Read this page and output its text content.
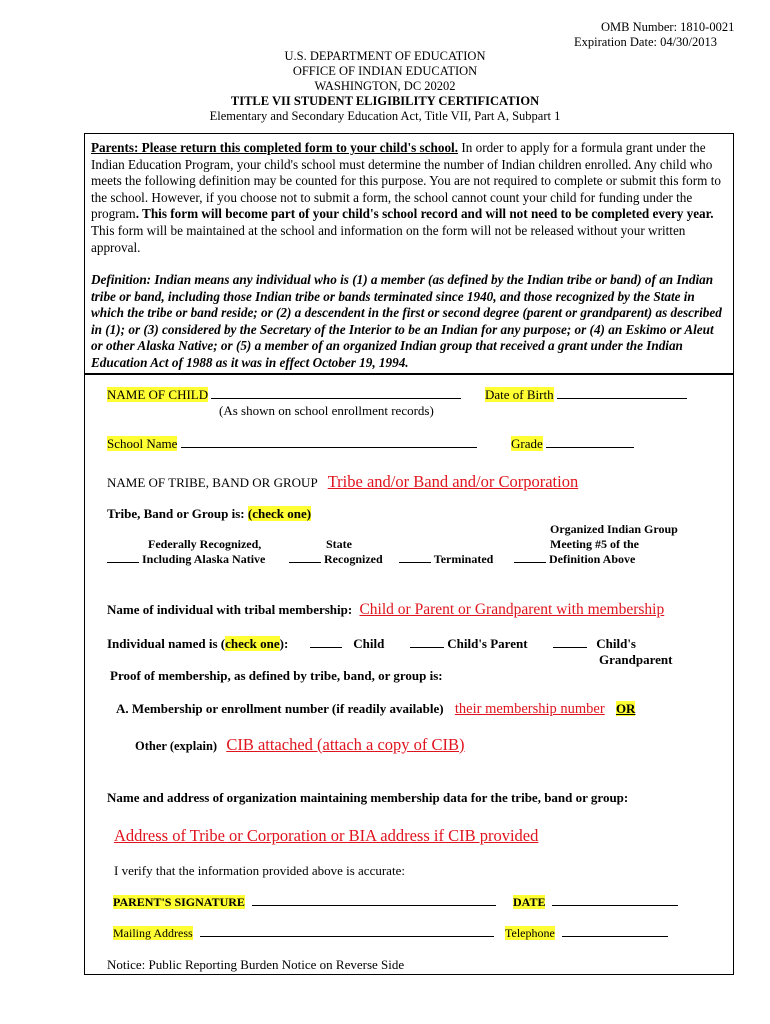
OMB Number: 1810-0021
Expiration Date: 04/30/2013
U.S. DEPARTMENT OF EDUCATION
OFFICE OF INDIAN EDUCATION
WASHINGTON, DC 20202
TITLE VII STUDENT ELIGIBILITY CERTIFICATION
Elementary and Secondary Education Act, Title VII, Part A, Subpart 1
Parents: Please return this completed form to your child's school. In order to apply for a formula grant under the Indian Education Program, your child's school must determine the number of Indian children enrolled. Any child who meets the following definition may be counted for this purpose. You are not required to complete or submit this form to the school. However, if you choose not to submit a form, the school cannot count your child for funding under the program. This form will become part of your child's school record and will not need to be completed every year. This form will be maintained at the school and information on the form will not be released without your written approval.
Definition: Indian means any individual who is (1) a member (as defined by the Indian tribe or band) of an Indian tribe or band, including those Indian tribe or bands terminated since 1940, and those recognized by the State in which the tribe or band reside; or (2) a descendent in the first or second degree (parent or grandparent) as described in (1); or (3) considered by the Secretary of the Interior to be an Indian for any purpose; or (4) an Eskimo or Aleut or other Alaska Native; or (5) a member of an organized Indian group that received a grant under the Indian Education Act of 1988 as it was in effect October 19, 1994.
NAME OF CHILD
(As shown on school enrollment records)
Date of Birth
School Name	Grade
NAME OF TRIBE, BAND OR GROUP Tribe and/or Band and/or Corporation
Tribe, Band or Group is: (check one)
Federally Recognized,
Including Alaska Native
State
Recognized	Terminated
Organized Indian Group
Meeting #5 of the
Definition Above
Name of individual with tribal membership: Child or Parent or Grandparent with membership
Individual named is (check one):	Child	Child's Parent	Child's
Grandparent
Proof of membership, as defined by tribe, band, or group is:
A. Membership or enrollment number (if readily available) their membership number OR
Other (explain) CIB attached (attach a copy of CIB)
Name and address of organization maintaining membership data for the tribe, band or group:
Address of Tribe or Corporation or BIA address if CIB provided
I verify that the information provided above is accurate:
PARENT'S SIGNATURE	DATE
Mailing Address	Telephone
Notice: Public Reporting Burden Notice on Reverse Side
